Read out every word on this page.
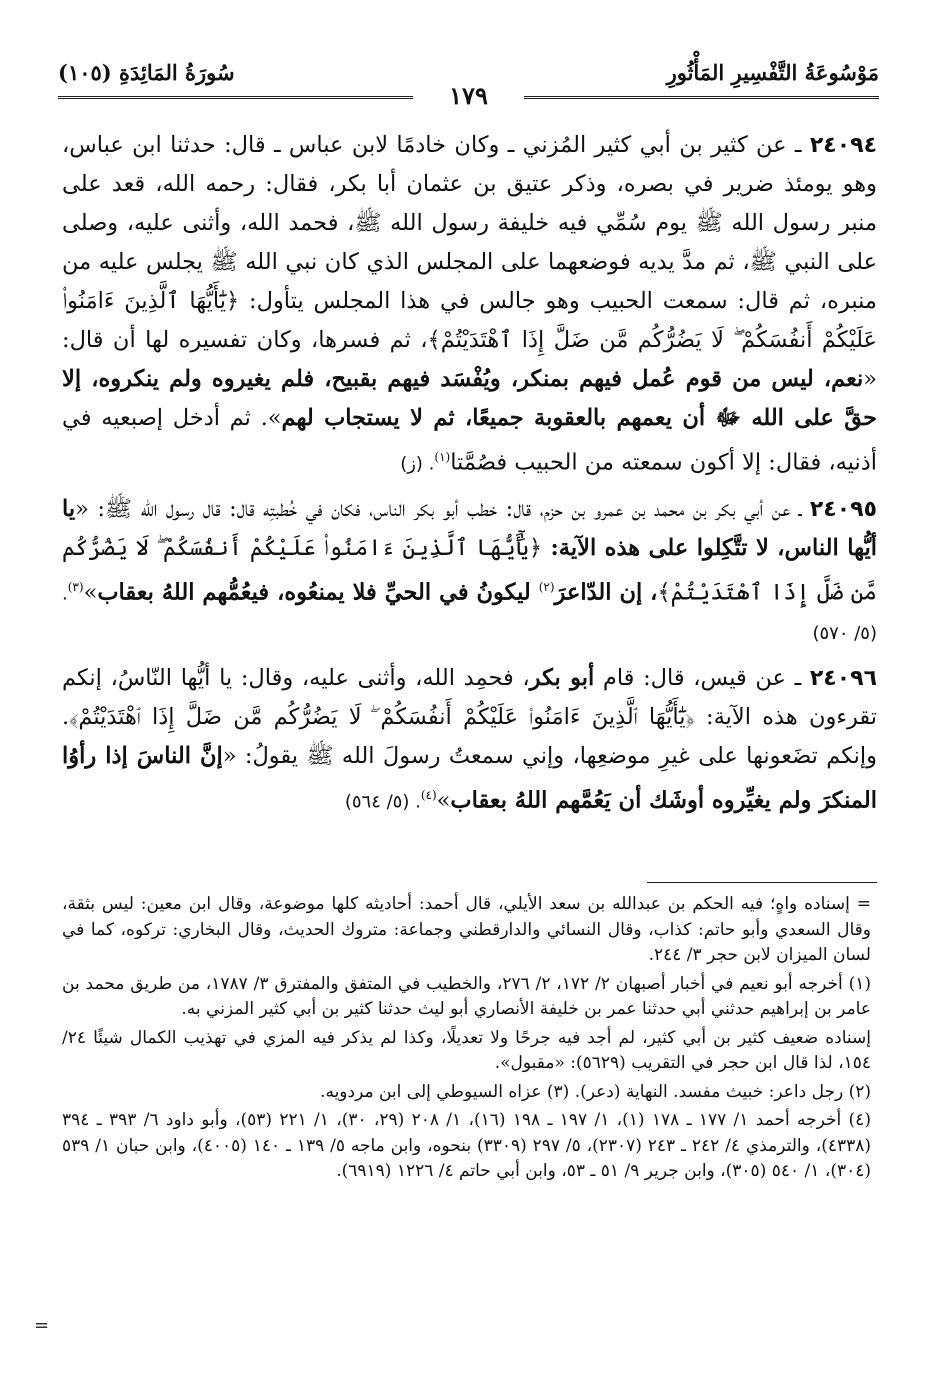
سُورَةُ المَائِدَةِ (١٠٥)	مَوْسُوعَةُ التَّفْسِيرِ المَأْثُورِ
١٧٩

٢٤٠٩٤ ـ عن كثير بن أبي كثير المُزني ـ وكان خادمًا لابن عباس ـ قال: حدثنا ابن عباس، وهو يومئذ ضرير في بصره، وذكر عتيق بن عثمان أبا بكر، فقال: رحمه الله، قعد على منبر رسول الله ﷺ يوم سُمِّي فيه خليفة رسول الله ﷺ، فحمد الله، وأثنى عليه، وصلى على النبي ﷺ، ثم مدَّ يديه فوضعهما على المجلس الذي كان نبي الله ﷺ يجلس عليه من منبره، ثم قال: سمعت الحبيب وهو جالس في هذا المجلس يتأول: ﴿يَٰٓأَيُّهَا ٱلَّذِينَ ءَامَنُوا۟ عَلَيْكُمْ أَنفُسَكُمْ ۖ لَا يَضُرُّكُم مَّن ضَلَّ إِذَا ٱهْتَدَيْتُمْ﴾، ثم فسرها، وكان تفسيره لها أن قال: «نعم، ليس من قوم عُمل فيهم بمنكر، ويُفْسَد فيهم بقبيح، فلم يغيروه ولم ينكروه، إلا حقَّ على الله ﷻ أن يعمهم بالعقوبة جميعًا، ثم لا يستجاب لهم». ثم أدخل إصبعيه في أذنيه، فقال: إلا أكون سمعته من الحبيب فصُمَّتا$^{(١)}$. (ز)

٢٤٠٩٥ ـ عن أبي بكر بن محمد بن عمرو بن حزم، قال: خطب أبو بكر الناس، فكان في خُطبتِه قال: قال رسول الله ﷺ: «يا أيُّها الناس، لا تتَّكِلوا على هذه الآية: ﴿يَٰٓأَيُّهَا ٱلَّذِينَ ءَامَنُوا۟ عَلَيْكُمْ أَنفُسَكُمْ ۖ لَا يَضُرُّكُم مَّن ضَلَّ إِذَا ٱهْتَدَيْتُمْ﴾، إن الدّاعرَ$^{(٢)}$ ليكونُ في الحيِّ فلا يمنعُوه، فيعُمُّهم اللهُ بعقاب»$^{(٣)}$. (٥/ ٥٧٠)

٢٤٠٩٦ ـ عن قيس، قال: قام أبو بكر، فحمِد الله، وأثنى عليه، وقال: يا أيُّها النّاسُ، إنكم تقرءون هذه الآية: ﴿يَٰٓأَيُّهَا ٱلَّذِينَ ءَامَنُوا۟ عَلَيْكُمْ أَنفُسَكُمْ ۖ لَا يَضُرُّكُم مَّن ضَلَّ إِذَا ٱهْتَدَيْتُمْ﴾. وإنكم تضَعونها على غيرِ موضعِها، وإني سمعتُ رسولَ الله ﷺ يقولُ: «إنَّ الناسَ إذا رأوُا المنكرَ ولم يغيِّروه أوشَك أن يَعُمَّهم اللهُ بعقاب»$^{(٤)}$. (٥/ ٥٦٤)

= إسناده واهٍ؛ فيه الحكم بن عبدالله بن سعد الأيلي، قال أحمد: أحاديثه كلها موضوعة، وقال ابن معين: ليس بثقة، وقال السعدي وأبو حاتم: كذاب، وقال النسائي والدارقطني وجماعة: متروك الحديث، وقال البخاري: تركوه، كما في لسان الميزان لابن حجر ٣/ ٢٤٤.

(١) أخرجه أبو نعيم في أخبار أصبهان ٢/ ١٧٢، ٢/ ٢٧٦، والخطيب في المتفق والمفترق ٣/ ١٧٨٧، من طريق محمد بن عامر بن إبراهيم حدثني أبي حدثنا عمر بن خليفة الأنصاري أبو ليث حدثنا كثير بن أبي كثير المزني به.

إسناده ضعيف كثير بن أبي كثير، لم أجد فيه جرحًا ولا تعديلًا، وكذا لم يذكر فيه المزي في تهذيب الكمال شيئًا ٢٤/ ١٥٤، لذا قال ابن حجر في التقريب (٥٦٢٩): «مقبول».

(٢) رجل داعر: خبيث مفسد. النهاية (دعر). (٣) عزاه السيوطي إلى ابن مردويه.

(٤) أخرجه أحمد ١/ ١٧٧ ـ ١٧٨ (١)، ١/ ١٩٧ ـ ١٩٨ (١٦)، ١/ ٢٠٨ (٢٩، ٣٠)، ١/ ٢٢١ (٥٣)، وأبو داود ٦/ ٣٩٣ ـ ٣٩٤ (٤٣٣٨)، والترمذي ٤/ ٢٤٢ ـ ٢٤٣ (٢٣٠٧)، ٥/ ٢٩٧ (٣٣٠٩) بنحوه، وابن ماجه ٥/ ١٣٩ ـ ١٤٠ (٤٠٠٥)، وابن حبان ١/ ٥٣٩ (٣٠٤)، ١/ ٥٤٠ (٣٠٥)، وابن جرير ٩/ ٥١ ـ ٥٣، وابن أبي حاتم ٤/ ١٢٢٦ (٦٩١٩).

=
